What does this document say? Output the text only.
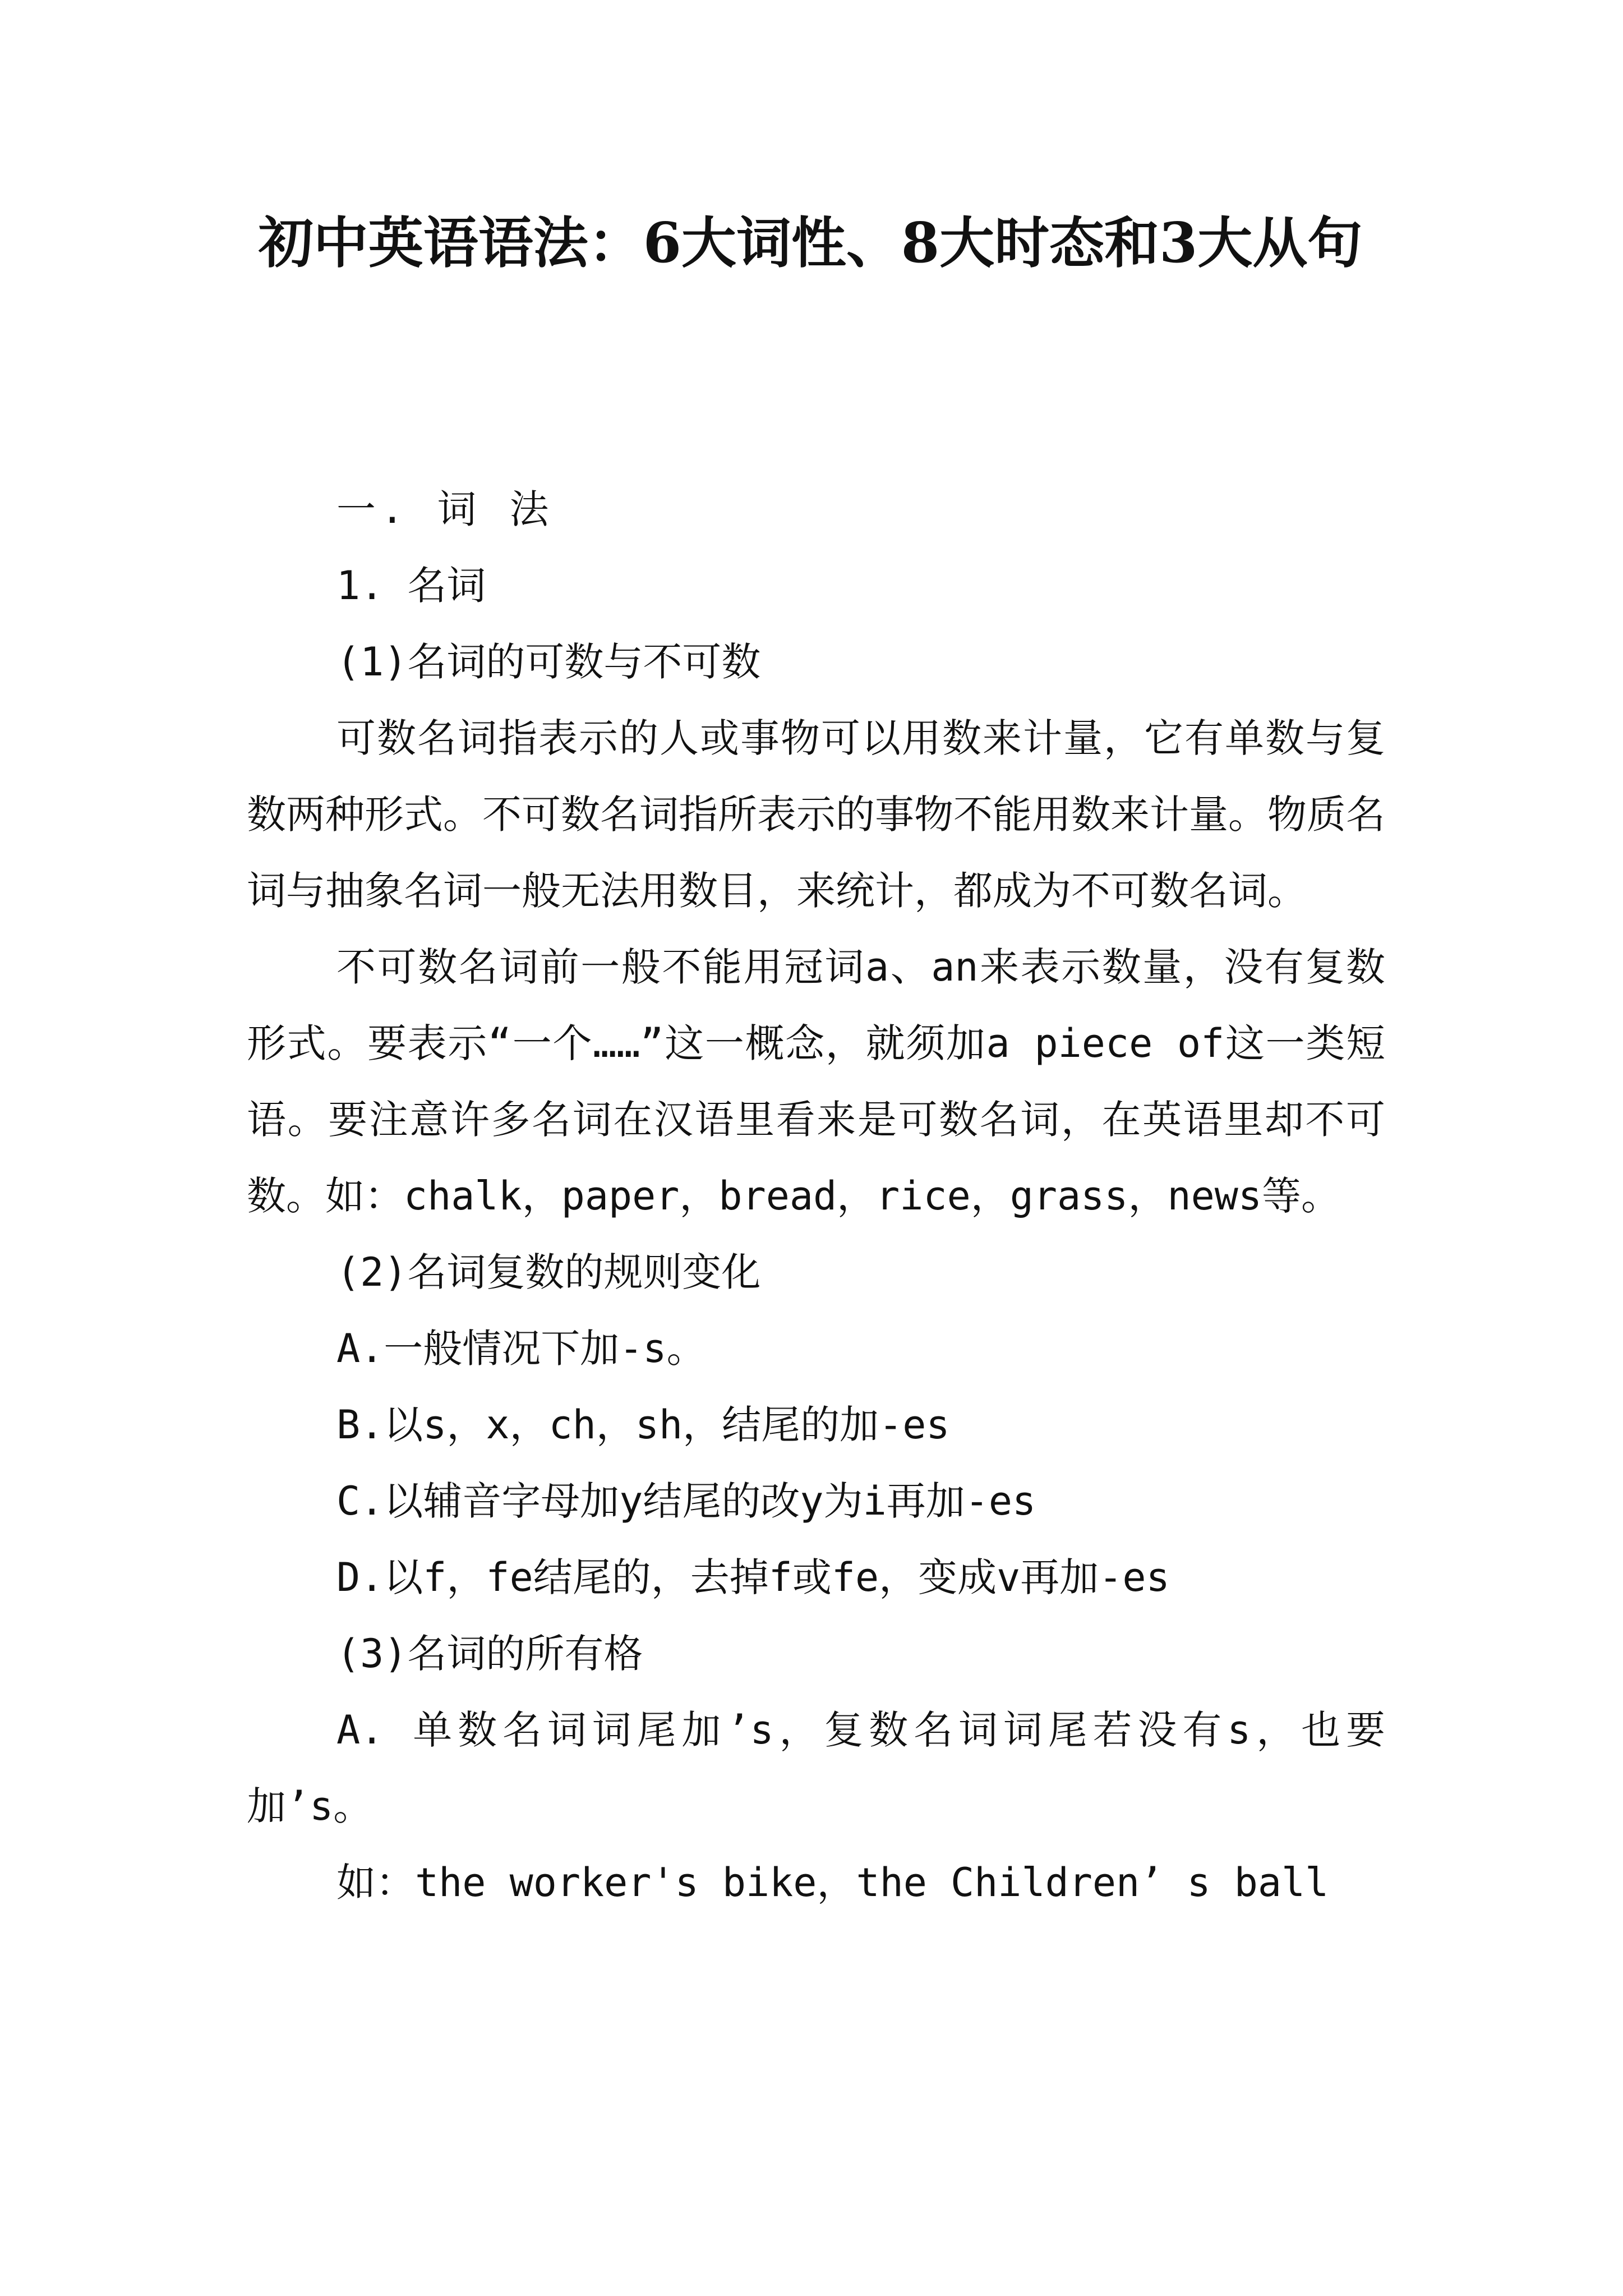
初中英语语法：6大词性、8大时态和3大从句

一. 词 法

1. 名词

(1)名词的可数与不可数

可数名词指表示的人或事物可以用数来计量，它有单数与复数两种形式。不可数名词指所表示的事物不能用数来计量。物质名词与抽象名词一般无法用数目，来统计，都成为不可数名词。

不可数名词前一般不能用冠词a、an来表示数量，没有复数形式。要表示“一个……”这一概念，就须加a piece of这一类短语。要注意许多名词在汉语里看来是可数名词，在英语里却不可数。如：chalk，paper，bread，rice，grass，news等。

(2)名词复数的规则变化

A.一般情况下加-s。

B.以s，x，ch，sh，结尾的加-es

C.以辅音字母加y结尾的改y为i再加-es

D.以f，fe结尾的，去掉f或fe，变成v再加-es

(3)名词的所有格

A. 单数名词词尾加’s，复数名词词尾若没有s，也要加’s。

如：the worker's bike，the Children’ s ball
